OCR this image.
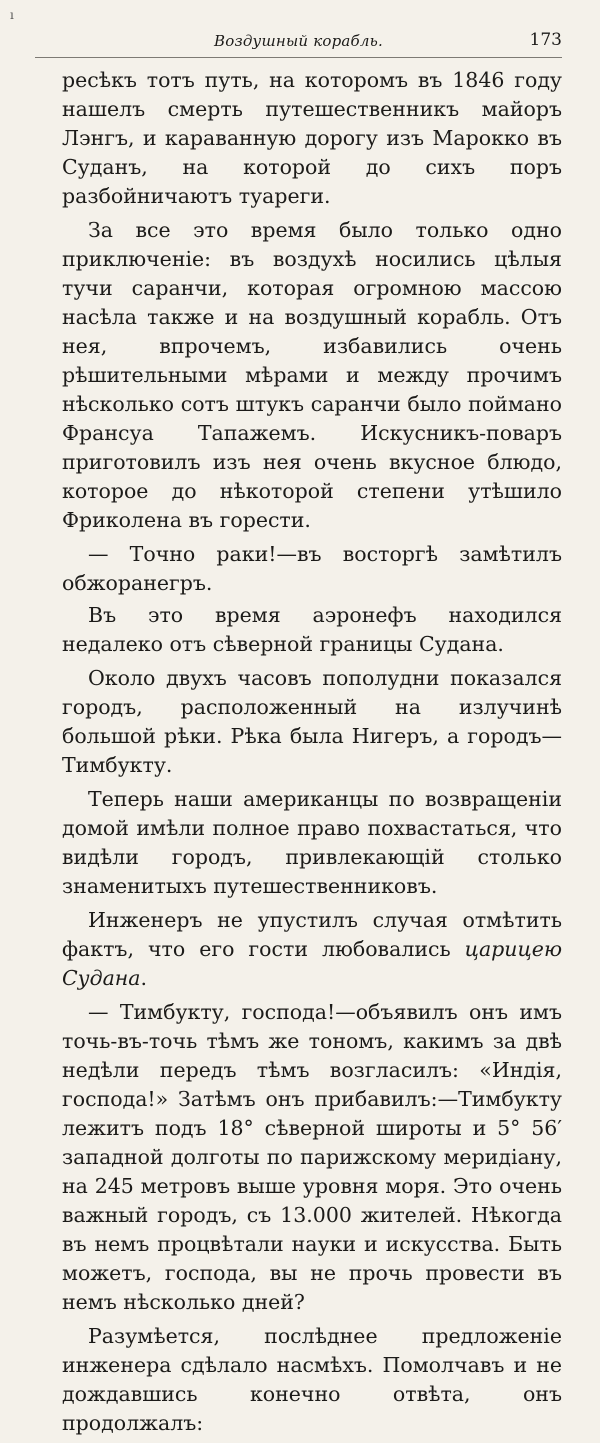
ı
Воздушный корабль.	173

ресѣкъ тотъ путь, на которомъ въ 1846 году нашелъ смерть путешественникъ майоръ Лэнгъ, и караванную дорогу изъ Марокко въ Суданъ, на которой до сихъ поръ разбойничаютъ туареги.

За все это время было только одно приключеніе: въ воздухѣ носились цѣлыя тучи саранчи, которая огромною массою насѣла также и на воздушный корабль. Отъ нея, впрочемъ, избавились очень рѣшительными мѣрами и между прочимъ нѣсколько сотъ штукъ саранчи было поймано Франсуа Тапажемъ. Искусникъ-поваръ приготовилъ изъ нея очень вкусное блюдо, которое до нѣкоторой степени утѣшило Фриколена въ горести.

— Точно раки!—въ восторгѣ замѣтилъ обжоранегръ.

Въ это время аэронефъ находился недалеко отъ сѣверной границы Судана.

Около двухъ часовъ пополудни показался городъ, расположенный на излучинѣ большой рѣки. Рѣка была Нигеръ, а городъ—Тимбукту.

Теперь наши американцы по возвращеніи домой имѣли полное право похвастаться, что видѣли городъ, привлекающій столько знаменитыхъ путешественниковъ.

Инженеръ не упустилъ случая отмѣтить фактъ, что его гости любовались царицею Судана.

— Тимбукту, господа!—объявилъ онъ имъ точь-въ-точь тѣмъ же тономъ, какимъ за двѣ недѣли передъ тѣмъ возгласилъ: «Индія, господа!» Затѣмъ онъ прибавилъ:—Тимбукту лежитъ подъ 18° сѣверной широты и 5° 56′ западной долготы по парижскому меридіану, на 245 метровъ выше уровня моря. Это очень важный городъ, съ 13.000 жителей. Нѣкогда въ немъ процвѣтали науки и искусства. Быть можетъ, господа, вы не прочь провести въ немъ нѣсколько дней?

Разумѣется, послѣднее предложеніе инженера сдѣлало насмѣхъ. Помолчавъ и не дождавшись конечно отвѣта, онъ продолжалъ:
